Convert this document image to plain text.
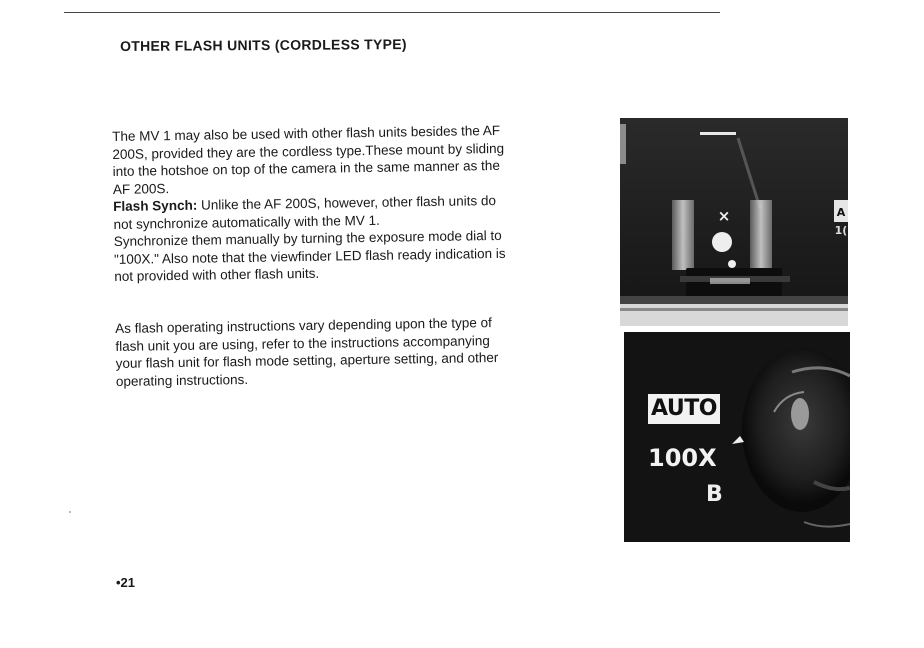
OTHER FLASH UNITS (CORDLESS TYPE)

The MV 1 may also be used with other flash units besides the AF

200S, provided they are the cordless type.These mount by sliding

into the hotshoe on top of the camera in the same manner as the

AF 200S.

Flash Synch: Unlike the AF 200S, however, other flash units do

not synchronize automatically with the MV 1.

Synchronize them manually by turning the exposure mode dial to

"100X." Also note that the viewfinder LED flash ready indication is

not provided with other flash units.

As flash operating instructions vary depending upon the type of

flash unit you are using, refer to the instructions accompanying

your flash unit for flash mode setting, aperture setting, and other

operating instructions.

•21
×	A
1(
AUTO
100X
B
